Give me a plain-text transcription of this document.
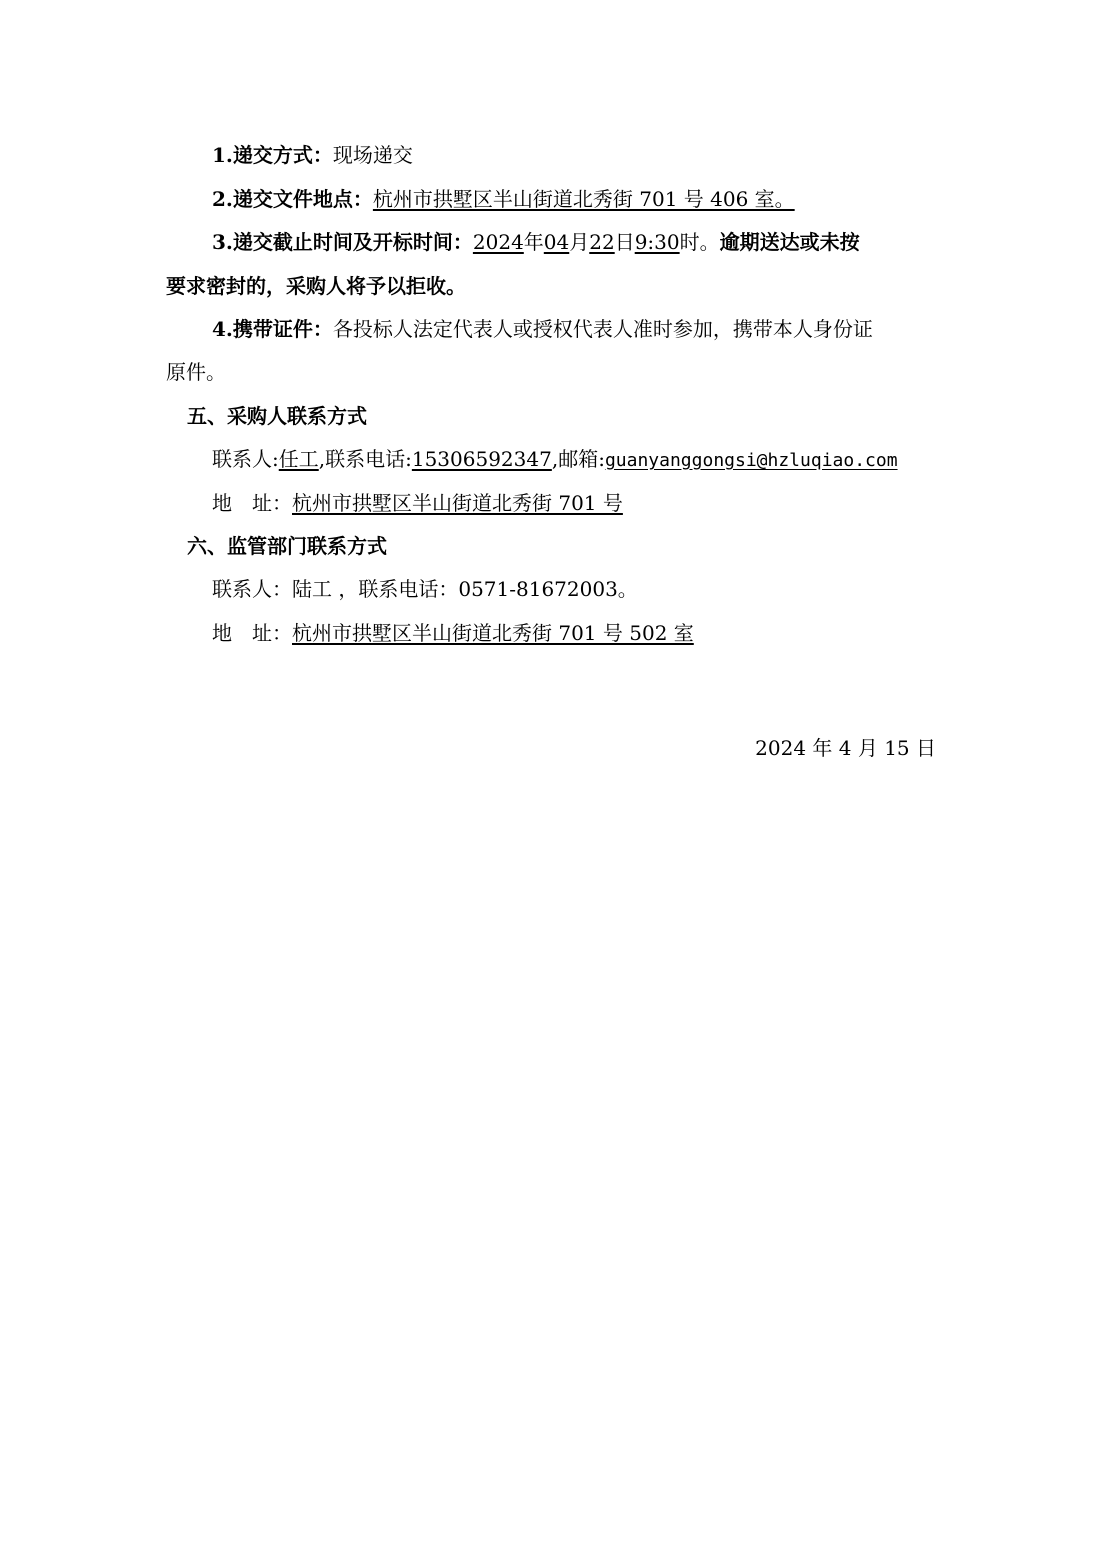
1.递交方式：现场递交
2.递交文件地点：杭州市拱墅区半山街道北秀街 701 号 406 室。
3.递交截止时间及开标时间：2024年04月22日9:30时。逾期送达或未按
要求密封的，采购人将予以拒收。
4.携带证件：各投标人法定代表人或授权代表人准时参加，携带本人身份证
原件。
五、采购人联系方式
联系人:任工,联系电话:15306592347,邮箱:guanyanggongsi@hzluqiao.com
地　址：杭州市拱墅区半山街道北秀街 701 号
六、监管部门联系方式
联系人：陆工 ，联系电话：0571-81672003。
地　址：杭州市拱墅区半山街道北秀街 701 号 502 室
2024 年 4 月 15 日
